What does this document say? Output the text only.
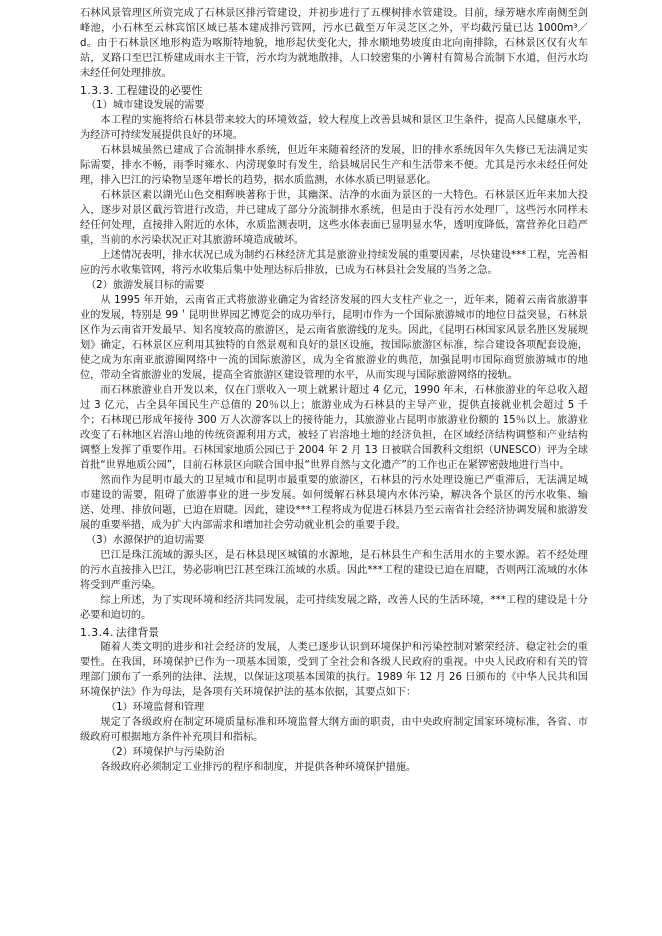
石林风景管理区所资完成了石林景区排污管建设，并初步进行了五棵树排水管建设。目前，绿芳塘水库南侧至剑峰池，小石林至云林宾馆区域已基本建成排污管网，污水已截至万年灵芝区之外，平均截污量已达 1000m³／d。由于石林景区地形构造为喀斯特地貌，地形起伏变化大，排水顺地势坡度由北向南排除，石林景区仅有火车站，叉路口至巴江桥建成雨水主干管，污水均为就地散排，人口较密集的小箐村有简易合流制下水道，但污水均未经任何处理排放。

1.3.3. 工程建设的必要性

（1）城市建设发展的需要

本工程的实施将给石林县带来较大的环境效益，较大程度上改善县城和景区卫生条件，提高人民健康水平，为经济可持续发展提供良好的环境。

石林县城虽然已建成了合流制排水系统，但近年来随着经济的发展，旧的排水系统因年久失修已无法满足实际需要，排水不畅，雨季时雍水、内涝现象时有发生，给县城居民生产和生活带来不便。尤其是污水未经任何处理，排入巴江的污染物呈逐年增长的趋势，据水质监测，水体水质已明显恶化。

石林景区素以湖光山色交相辉映著称于世，其幽深、洁净的水面为景区的一大特色。石林景区近年来加大投入，逐步对景区截污管进行改造，并已建成了部分分流制排水系统，但是由于没有污水处理厂，这些污水同样未经任何处理，直接排入附近的水体，水质监测表明，这些水体表面已显明显水华，透明度降低，富营养化日趋严重，当前的水污染状况正对其旅游环境造成破坏。

上述情况表明，排水状况已成为制约石林经济尤其是旅游业持续发展的重要因素，尽快建设***工程，完善相应的污水收集管网，将污水收集后集中处理达标后排放，已成为石林县社会发展的当务之急。

（2）旅游发展目标的需要

从 1995 年开始，云南省正式将旅游业确定为省经济发展的四大支柱产业之一，近年来，随着云南省旅游事业的发展，特别是 99＇昆明世界园艺博览会的成功举行，昆明市作为一个国际旅游城市的地位日益突显，石林景区作为云南省开发最早、知名度较高的旅游区，是云南省旅游线的龙头。因此，《昆明石林国家风景名胜区发展规划》确定，石林景区应利用其独特的自然景观和良好的景区设施，按国际旅游区标准，综合建设各项配套设施，使之成为东南亚旅游圈网络中一流的国际旅游区，成为全省旅游业的典范，加强昆明市国际商贸旅游城市的地位，带动全省旅游业的发展，提高全省旅游区建设管理的水平，从而实现与国际旅游网络的接轨。

而石林旅游业自开发以来，仅在门票收入一项上就累计超过 4 亿元，1990 年末，石林旅游业的年总收入超过 3 亿元，占全县年国民生产总值的 20％以上；旅游业成为石林县的主导产业，提供直接就业机会超过 5 千个；石林现已形成年接待 300 万人次游客以上的接待能力，其旅游业占昆明市旅游业份额的 15％以上。旅游业改变了石林地区岩溶山地的传统资源利用方式，被轻了岩溶地土地的经济负担，在区域经济结构调整和产业结构调整上发挥了重要作用。石林国家地质公园已于 2004 年 2 月 13 日被联合国教科文组织（UNESCO）评为全球首批“世界地质公园”，目前石林景区向联合国申报“世界自然与文化遗产”的工作也正在紧锣密鼓地进行当中。

然而作为昆明市最大的卫星城市和昆明市最重要的旅游区，石林县的污水处理设施已严重滞后，无法满足城市建设的需要，阻碍了旅游事业的进一步发展。如何缓解石林县境内水体污染，解决各个景区的污水收集、输送、处理、排放问题，已迫在眉睫。因此，建设***工程将成为促进石林县乃至云南省社会经济协调发展和旅游发展的重要举措，成为扩大内部需求和增加社会劳动就业机会的重要手段。

（3）水源保护的迫切需要

巴江是珠江流域的源头区，是石林县现区城镇的水源地，是石林县生产和生活用水的主要水源。若不经处理的污水直接排入巴江，势必影响巴江甚至珠江流域的水质。因此***工程的建设已迫在眉睫，否则两江流域的水体将受到严重污染。

综上所述，为了实现环境和经济共同发展，走可持续发展之路，改善人民的生活环境，***工程的建设是十分必要和迫切的。

1.3.4. 法律背景

随着人类文明的进步和社会经济的发展，人类已逐步认识到环境保护和污染控制对繁荣经济、稳定社会的重要性。在我国，环境保护已作为一项基本国策，受到了全社会和各级人民政府的重视。中央人民政府和有关的管理部门颁布了一系列的法律、法规，以保证这项基本国策的执行。1989 年 12 月 26 日颁布的《中华人民共和国环境保护法》作为母法，是各项有关环境保护法的基本依据，其要点如下：

（1）环境监督和管理

规定了各级政府在制定环境质量标准和环境监督大纲方面的职责，由中央政府制定国家环境标准，各省、市级政府可根据地方条件补充项目和指标。

（2）环境保护与污染防治

各级政府必须制定工业排污的程序和制度，并提供各种环境保护措施。
